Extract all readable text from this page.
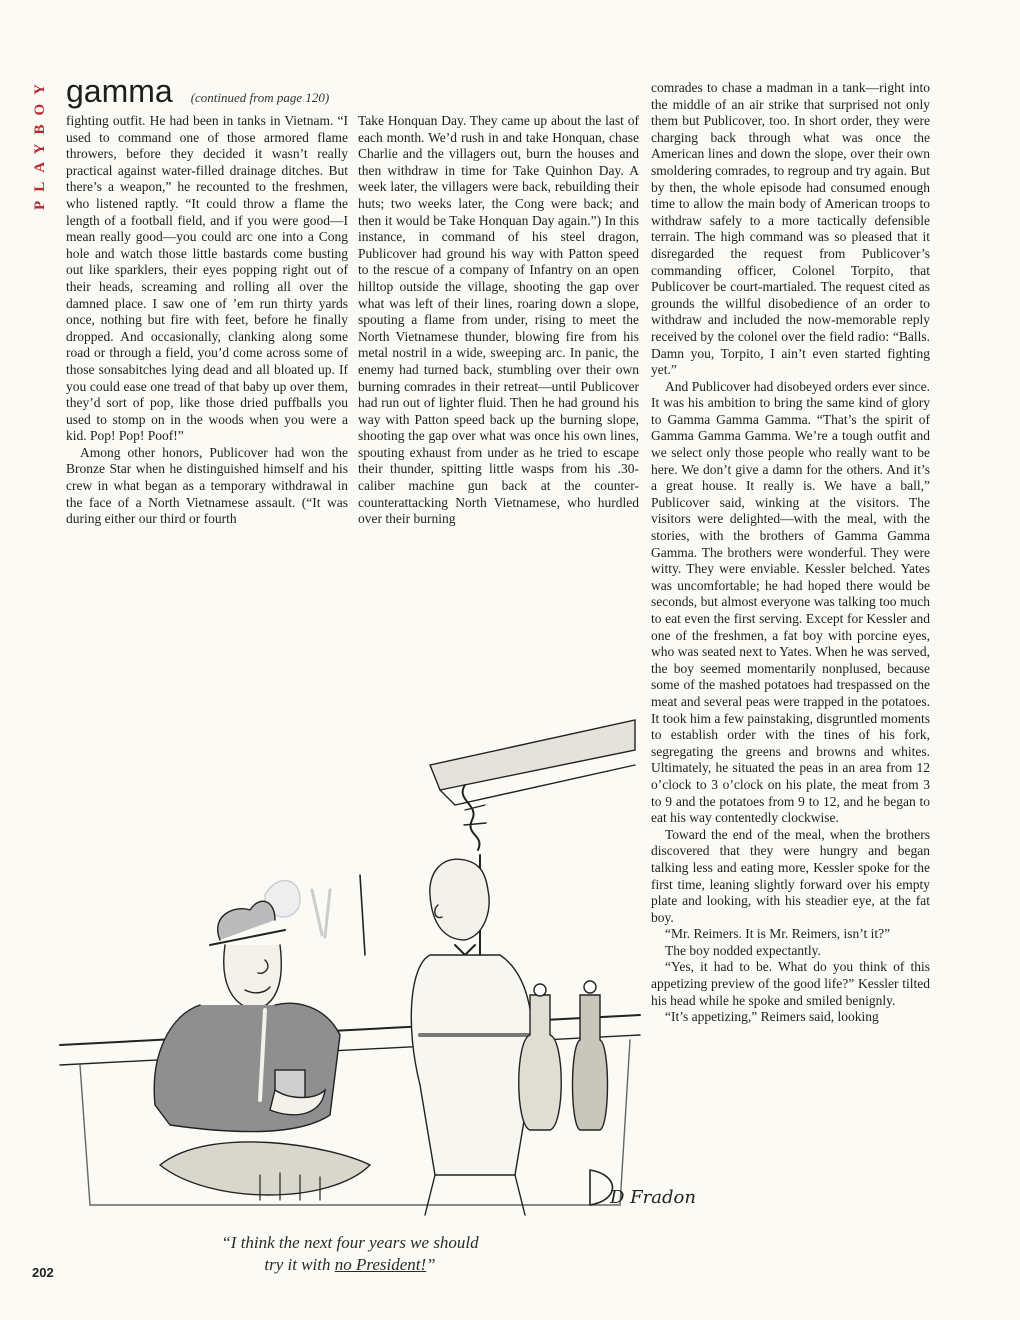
PLAYBOY gamma (continued from page 120)

fighting outfit. He had been in tanks in Vietnam. “I used to command one of those armored flame throwers, before they decided it wasn’t really practical against water-filled drainage ditches. But there’s a weapon,” he recounted to the freshmen, who listened raptly. “It could throw a flame the length of a football field, and if you were good—I mean really good—you could arc one into a Cong hole and watch those little bastards come busting out like sparklers, their eyes popping right out of their heads, screaming and rolling all over the damned place. I saw one of ’em run thirty yards once, nothing but fire with feet, before he finally dropped. And occasionally, clanking along some road or through a field, you’d come across some of those sonsabitches lying dead and all bloated up. If you could ease one tread of that baby up over them, they’d sort of pop, like those dried puffballs you used to stomp on in the woods when you were a kid. Pop! Pop! Poof!”

Among other honors, Publicover had won the Bronze Star when he distinguished himself and his crew in what began as a temporary withdrawal in the face of a North Vietnamese assault. (“It was during either our third or fourth

Take Honquan Day. They came up about the last of each month. We’d rush in and take Honquan, chase Charlie and the villagers out, burn the houses and then withdraw in time for Take Quinhon Day. A week later, the villagers were back, rebuilding their huts; two weeks later, the Cong were back; and then it would be Take Honquan Day again.”) In this instance, in command of his steel dragon, Publicover had ground his way with Patton speed to the rescue of a company of Infantry on an open hilltop outside the village, shooting the gap over what was left of their lines, roaring down a slope, spouting a flame from under, rising to meet the North Vietnamese thunder, blowing fire from his metal nostril in a wide, sweeping arc. In panic, the enemy had turned back, stumbling over their own burning comrades in their retreat—until Publicover had run out of lighter fluid. Then he had ground his way with Patton speed back up the burning slope, shooting the gap over what was once his own lines, spouting exhaust from under as he tried to escape their thunder, spitting little wasps from his .30-caliber machine gun back at the counter-counterattacking North Vietnamese, who hurdled over their burning

comrades to chase a madman in a tank—right into the middle of an air strike that surprised not only them but Publicover, too. In short order, they were charging back through what was once the American lines and down the slope, over their own smoldering comrades, to regroup and try again. But by then, the whole episode had consumed enough time to allow the main body of American troops to withdraw safely to a more tactically defensible terrain. The high command was so pleased that it disregarded the request from Publicover’s commanding officer, Colonel Torpito, that Publicover be court-martialed. The request cited as grounds the willful disobedience of an order to withdraw and included the now-memorable reply received by the colonel over the field radio: “Balls. Damn you, Torpito, I ain’t even started fighting yet.”

And Publicover had disobeyed orders ever since. It was his ambition to bring the same kind of glory to Gamma Gamma Gamma. “That’s the spirit of Gamma Gamma Gamma. We’re a tough outfit and we select only those people who really want to be here. We don’t give a damn for the others. And it’s a great house. It really is. We have a ball,” Publicover said, winking at the visitors. The visitors were delighted—with the meal, with the stories, with the brothers of Gamma Gamma Gamma. The brothers were wonderful. They were witty. They were enviable. Kessler belched. Yates was uncomfortable; he had hoped there would be seconds, but almost everyone was talking too much to eat even the first serving. Except for Kessler and one of the freshmen, a fat boy with porcine eyes, who was seated next to Yates. When he was served, the boy seemed momentarily nonplused, because some of the mashed potatoes had trespassed on the meat and several peas were trapped in the potatoes. It took him a few painstaking, disgruntled moments to establish order with the tines of his fork, segregating the greens and browns and whites. Ultimately, he situated the peas in an area from 12 o’clock to 3 o’clock on his plate, the meat from 3 to 9 and the potatoes from 9 to 12, and he began to eat his way contentedly clockwise.

Toward the end of the meal, when the brothers discovered that they were hungry and began talking less and eating more, Kessler spoke for the first time, leaning slightly forward over his empty plate and looking, with his steadier eye, at the fat boy.

“Mr. Reimers. It is Mr. Reimers, isn’t it?”

The boy nodded expectantly.

“Yes, it had to be. What do you think of this appetizing preview of the good life?” Kessler tilted his head while he spoke and smiled benignly.

“It’s appetizing,” Reimers said, looking

D Fradon
“I think the next four years we should
try it with no President!”
202
